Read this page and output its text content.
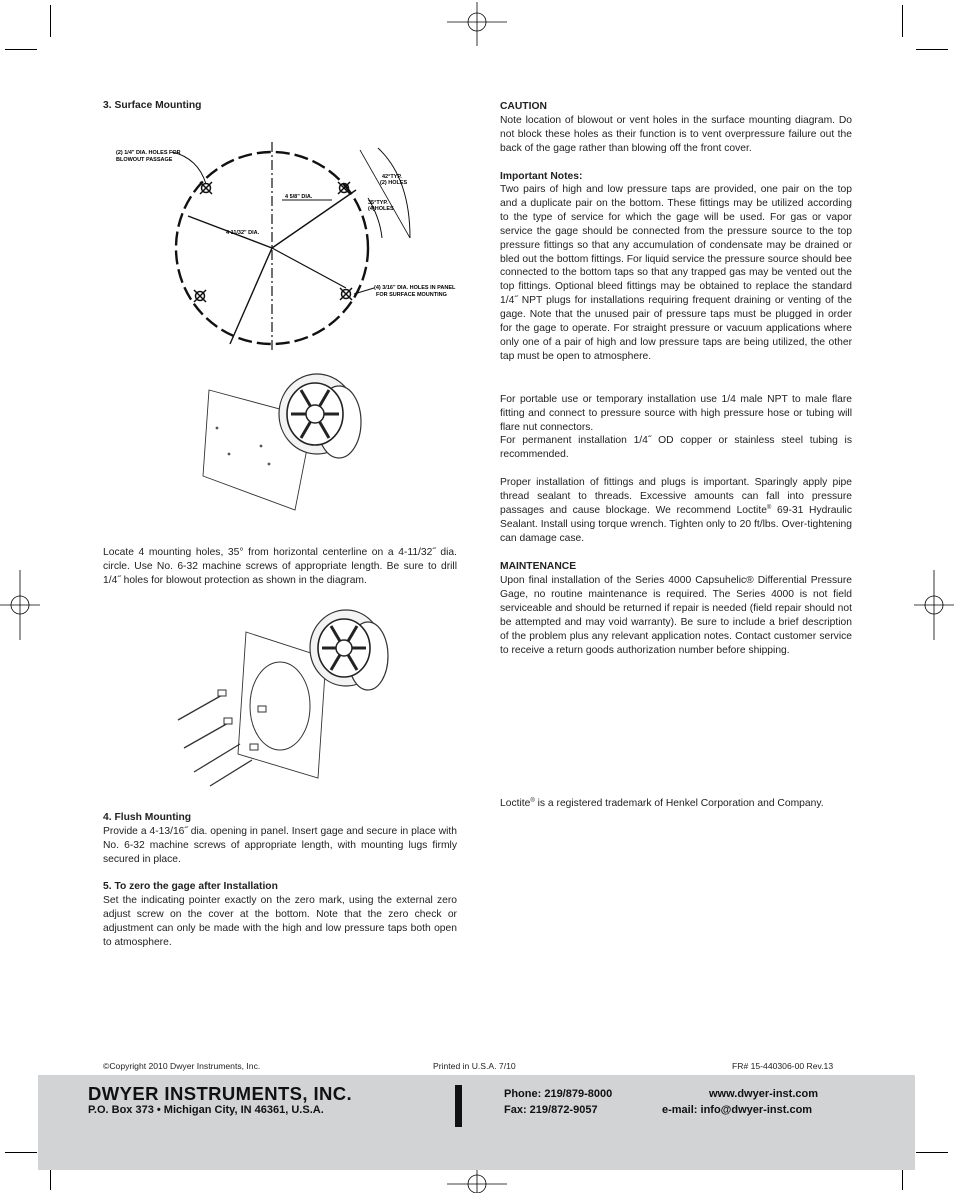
3. Surface Mounting
(2) 1/4" DIA. HOLES FOR
BLOWOUT PASSAGE
4 5/8" DIA.
4 11/32" DIA.
42°TYP.
(2) HOLES
35°TYP.
(4)HOLES
(4) 3/16" DIA. HOLES IN PANEL
FOR SURFACE MOUNTING
Locate 4 mounting holes, 35° from horizontal centerline on a 4-11/32˝ dia. circle. Use No. 6-32 machine screws of appropriate length. Be sure to drill 1/4˝ holes for blowout protection as shown in the diagram.
4. Flush Mounting
Provide a 4-13/16˝ dia. opening in panel. Insert gage and secure in place with No. 6-32 machine screws of appropriate length, with mounting lugs firmly secured in place.
5. To zero the gage after Installation
Set the indicating pointer exactly on the zero mark, using the external zero adjust screw on the cover at the bottom. Note that the zero check or adjustment can only be made with the high and low pressure taps both open to atmosphere.
CAUTION
Note location of blowout or vent holes in the surface mounting diagram. Do not block these holes as their function is to vent overpressure failure out the back of the gage rather than blowing off the front cover.
Important Notes:
Two pairs of high and low pressure taps are provided, one pair on the top and a duplicate pair on the bottom. These fittings may be utilized according to the type of service for which the gage will be used. For gas or vapor service the gage should be connected from the pressure source to the top pressure fittings so that any accumulation of condensate may be drained or bled out the bottom fittings. For liquid service the pressure source should bee connected to the bottom taps so that any trapped gas may be vented out the top fittings. Optional bleed fittings may be obtained to replace the standard 1/4˝ NPT plugs for installations requiring frequent draining or venting of the gage. Note that the unused pair of pressure taps must be plugged in order for the gage to operate. For straight pressure or vacuum applications where only one of a pair of high and low pressure taps are being utilized, the other tap must be open to atmosphere.
For portable use or temporary installation use 1/4 male NPT to male flare fitting and connect to pressure source with high pressure hose or tubing will flare nut connectors.
For permanent installation 1/4˝ OD copper or stainless steel tubing is recommended.
Proper installation of fittings and plugs is important. Sparingly apply pipe thread sealant to threads. Excessive amounts can fall into pressure passages and cause blockage. We recommend Loctite® 69-31 Hydraulic Sealant. Install using torque wrench. Tighten only to 20 ft/lbs. Over-tightening can damage case.
MAINTENANCE
Upon final installation of the Series 4000 Capsuhelic® Differential Pressure Gage, no routine maintenance is required. The Series 4000 is not field serviceable and should be returned if repair is needed (field repair should not be attempted and may void warranty). Be sure to include a brief description of the problem plus any relevant application notes. Contact customer service to receive a return goods authorization number before shipping.
Loctite® is a registered trademark of Henkel Corporation and Company.
©Copyright 2010 Dwyer Instruments, Inc.	Printed in U.S.A. 7/10	FR# 15-440306-00 Rev.13
DWYER INSTRUMENTS, INC.
P.O. Box 373 • Michigan City, IN 46361, U.S.A.
Phone: 219/879-8000
Fax: 219/872-9057
www.dwyer-inst.com
e-mail: info@dwyer-inst.com
